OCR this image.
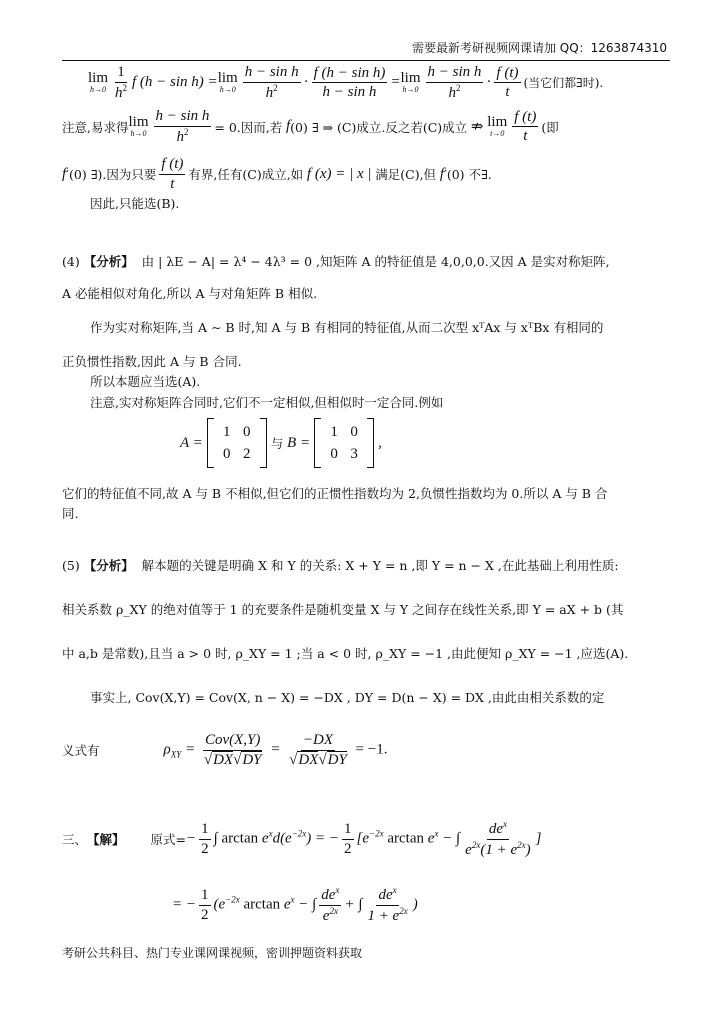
需要最新考研视频网课请加 QQ：1263874310
lim
$h\to 0 \frac{1}{h^2}$ f (h − sin h) = lim
$h\to 0 \frac{\text{h − sin h}}{h^2} \cdot \frac{\text{f (h − sin h)}}{\text{h − sin h}} = \lim$
$h\to 0 \frac{\text{h − sin h}}{h^2} \cdot \frac{f (t)}{t}$ (当它们都∃时).
注意,易求得 lim
$h\to 0 \frac{\text{h − sin h}}{h^2} = 0$.因而,若 f (0) ∃ ⇒ (C)成立.反之若(C)成立 ⇏ lim
$t\to 0 \frac{f (t)}{t}$ (即
f ′(0) ∃).因为只要 $\frac{f (t)}{t}$ 有界,任有(C)成立,如 f (x) = | x | 满足(C),但 f ′(0) 不∃.
因此,只能选(B).
(4)
【分析】
由 | λE − A| = λ⁴ − 4λ³ = 0 ,知矩阵 A 的特征值是 4,0,0,0.又因 A 是实对称矩阵,
A 必能相似对角化,所以 A 与对角矩阵 B 相似.
作为实对称矩阵,当 A ∼ B 时,知 A 与 B 有相同的特征值,从而二次型 xᵀAx 与 xᵀBx 有相同的
正负惯性指数,因此 A 与 B 合同.
所以本题应当选(A).
注意,实对称矩阵合同时,它们不一定相似,但相似时一定合同.例如
A =
1 0
0 2
与 B =
1 0
0 3
,
它们的特征值不同,故 A 与 B 不相似,但它们的正惯性指数均为 2,负惯性指数均为 0.所以 A 与 B 合
同.
(5)
【分析】
解本题的关键是明确 X 和 Y 的关系: X + Y = n ,即 Y = n − X ,在此基础上利用性质:
相关系数 ρ_XY 的绝对值等于 1 的充要条件是随机变量 X 与 Y 之间存在线性关系,即 Y = aX + b (其
中 a,b 是常数),且当 a > 0 时, ρ_XY = 1 ;当 a < 0 时, ρ_XY = −1 ,由此便知 ρ_XY = −1 ,应选(A).
事实上, Cov(X,Y) = Cov(X, n − X) = −DX , DY = D(n − X) = DX ,由此由相关系数的定
义式有	$\rho_{XY} = \frac{\text{Cov(X,Y)}}{√DX√DY} = \frac{-DX}{√DX√DY} = -1$.
三、 【解】 原式= − $\frac{1}{2}$ ∫ $\arctan e^xd(e^{-2x})$ = − $\frac{1}{2} [e^{-2x}$ $\arctan e^x$ − ∫ $\frac{de^x}{e^{2x}(1 + e^{2x})}$ ]
= − $\frac{1}{2} (e^{-2x}$ $\arctan e^x$ − ∫ $\frac{de^x}{e^{2x}}$ + ∫ $\frac{de^x}{1 + e^{2x}}$ )
考研公共科目、热门专业课网课视频，密训押题资料获取
